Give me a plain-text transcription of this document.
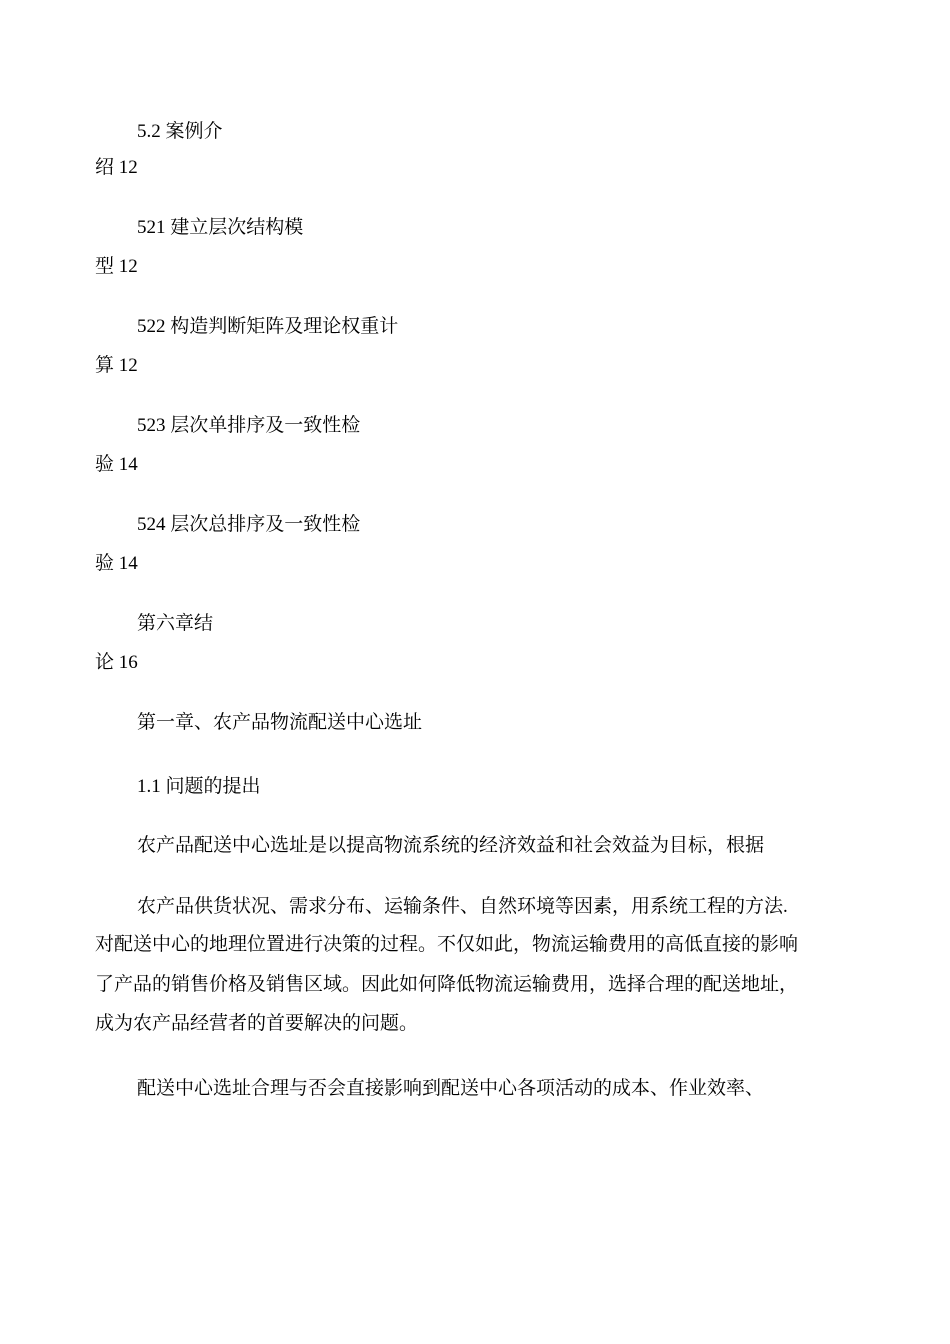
5.2 案例介
绍 12
521 建立层次结构模
型 12
522 构造判断矩阵及理论权重计
算 12
523 层次单排序及一致性检
验 14
524 层次总排序及一致性检
验 14
第六章结
论 16
第一章、农产品物流配送中心选址
1.1 问题的提出
农产品配送中心选址是以提高物流系统的经济效益和社会效益为目标，根据
农产品供货状况、需求分布、运输条件、自然环境等因素，用系统工程的方法.
对配送中心的地理位置进行决策的过程。不仅如此，物流运输费用的高低直接的影响
了产品的销售价格及销售区域。因此如何降低物流运输费用，选择合理的配送地址，
成为农产品经营者的首要解决的问题。
配送中心选址合理与否会直接影响到配送中心各项活动的成本、作业效率、
